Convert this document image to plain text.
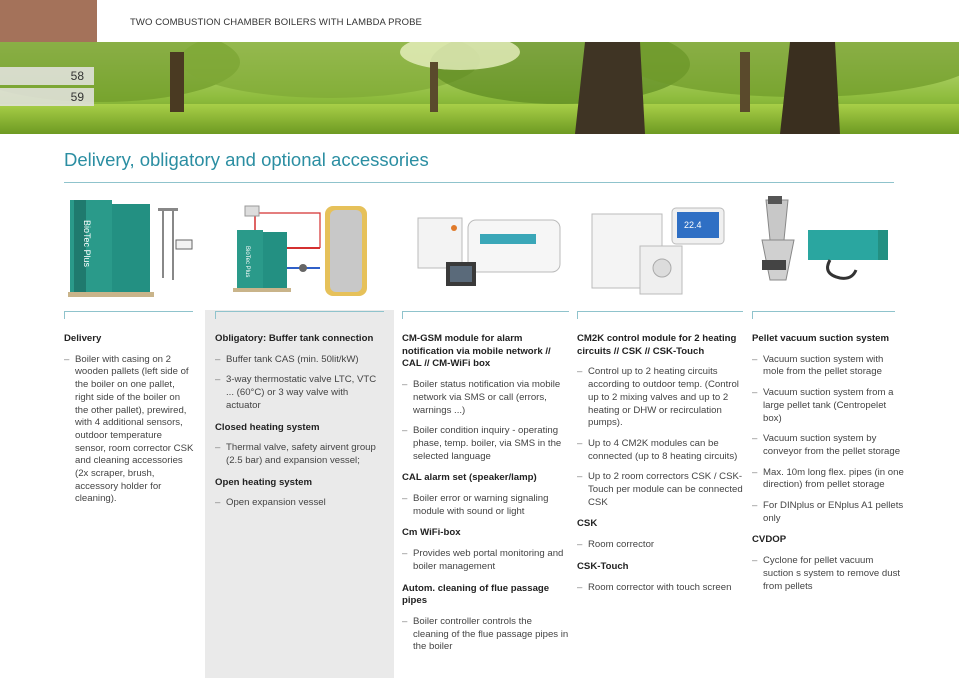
TWO COMBUSTION CHAMBER BOILERS WITH LAMBDA PROBE
58
59
Delivery, obligatory and optional accessories
BioTec Plus	BioTec Plus
22.4
Delivery
– Boiler with casing on 2 wooden pallets (left side of the boiler on one pallet, right side of the boiler on the other pallet), prewired, with 4 additional sensors, outdoor temperature sensor, room corrector CSK and cleaning accessories (2x scraper, brush, accessory holder for cleaning).
Obligatory: Buffer tank connection
– Buffer tank CAS (min. 50lit/kW)
– 3-way thermostatic valve LTC, VTC ... (60°C) or 3 way valve with actuator
Closed heating system
– Thermal valve, safety airvent group (2.5 bar) and expansion vessel;
Open heating system
– Open expansion vessel
CM-GSM module for alarm notification via mobile network // CAL // CM-WiFi box
– Boiler status notification via mobile network via SMS or call (errors, warnings ...)
– Boiler condition inquiry - operating phase, temp. boiler, via SMS in the selected language
CAL alarm set (speaker/lamp)
– Boiler error or warning signaling module with sound or light
Cm WiFi-box
– Provides web portal monitoring and boiler management
Autom. cleaning of flue passage pipes
– Boiler controller controls the cleaning of the flue passage pipes in the boiler
CM2K control module for 2 heating circuits // CSK // CSK-Touch
– Control up to 2 heating circuits according to outdoor temp. (Control up to 2 mixing valves and up to 2 heating or DHW or recirculation pumps).
– Up to 4 CM2K modules can be connected (up to 8 heating circuits)
– Up to 2 room correctors CSK / CSK-Touch per module can be connected CSK
CSK
– Room corrector
CSK-Touch
– Room corrector with touch screen
Pellet vacuum suction system
– Vacuum suction system with mole from the pellet storage
– Vacuum suction system from a large pellet tank (Centropelet box)
– Vacuum suction system by conveyor from the pellet storage
– Max. 10m long flex. pipes (in one direction) from pellet storage
– For DINplus or ENplus A1 pellets only
CVDOP
– Cyclone for pellet vacuum suction s system to remove dust from pellets
